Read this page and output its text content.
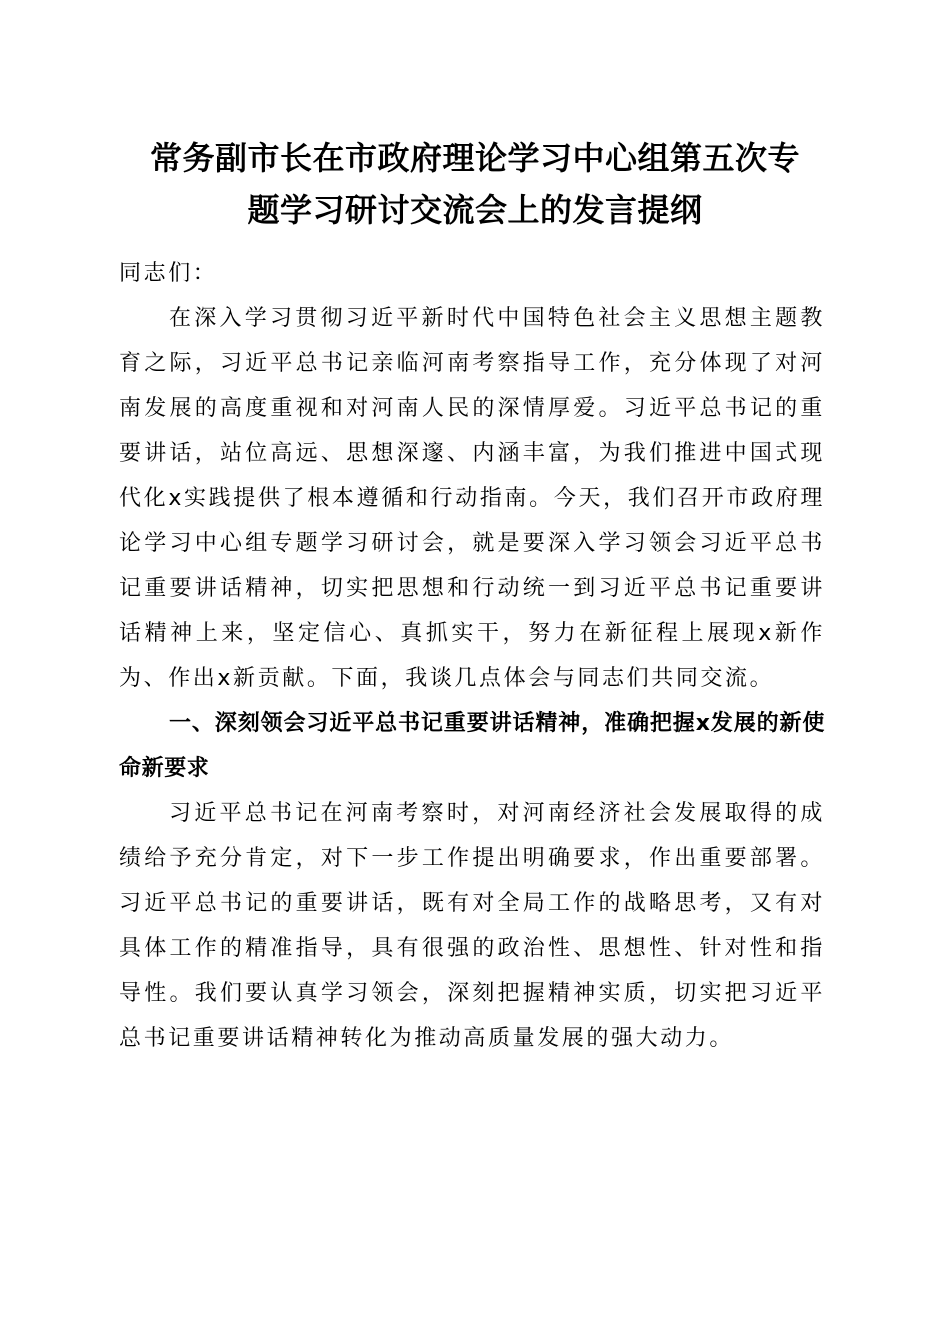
常务副市长在市政府理论学习中心组第五次专
题学习研讨交流会上的发言提纲

同志们：

在深入学习贯彻习近平新时代中国特色社会主义思想主题教育之际，习近平总书记亲临河南考察指导工作，充分体现了对河南发展的高度重视和对河南人民的深情厚爱。习近平总书记的重要讲话，站位高远、思想深邃、内涵丰富，为我们推进中国式现代化x实践提供了根本遵循和行动指南。今天，我们召开市政府理论学习中心组专题学习研讨会，就是要深入学习领会习近平总书记重要讲话精神，切实把思想和行动统一到习近平总书记重要讲话精神上来，坚定信心、真抓实干，努力在新征程上展现x新作为、作出x新贡献。下面，我谈几点体会与同志们共同交流。

一、深刻领会习近平总书记重要讲话精神，准确把握x发展的新使命新要求

习近平总书记在河南考察时，对河南经济社会发展取得的成绩给予充分肯定，对下一步工作提出明确要求，作出重要部署。习近平总书记的重要讲话，既有对全局工作的战略思考，又有对具体工作的精准指导，具有很强的政治性、思想性、针对性和指导性。我们要认真学习领会，深刻把握精神实质，切实把习近平总书记重要讲话精神转化为推动高质量发展的强大动力。
